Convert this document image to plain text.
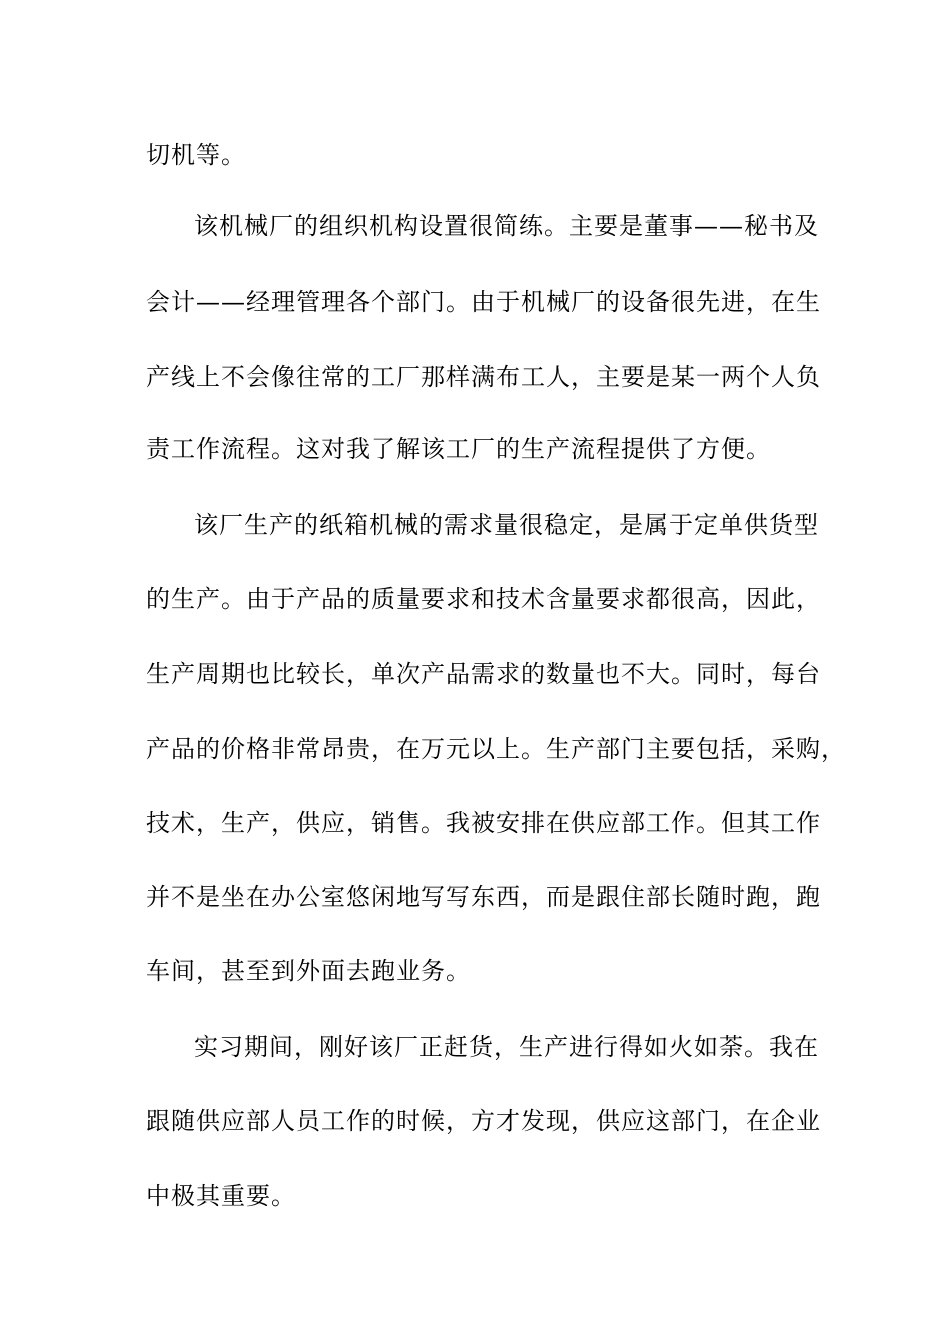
切机等。
该机械厂的组织机构设置很简练。主要是董事——秘书及
会计——经理管理各个部门。由于机械厂的设备很先进，在生
产线上不会像往常的工厂那样满布工人，主要是某一两个人负
责工作流程。这对我了解该工厂的生产流程提供了方便。
该厂生产的纸箱机械的需求量很稳定，是属于定单供货型
的生产。由于产品的质量要求和技术含量要求都很高，因此，
生产周期也比较长，单次产品需求的数量也不大。同时，每台
产品的价格非常昂贵，在万元以上。生产部门主要包括，采购，
技术，生产，供应，销售。我被安排在供应部工作。但其工作
并不是坐在办公室悠闲地写写东西，而是跟住部长随时跑，跑
车间，甚至到外面去跑业务。
实习期间，刚好该厂正赶货，生产进行得如火如荼。我在
跟随供应部人员工作的时候，方才发现，供应这部门，在企业
中极其重要。
